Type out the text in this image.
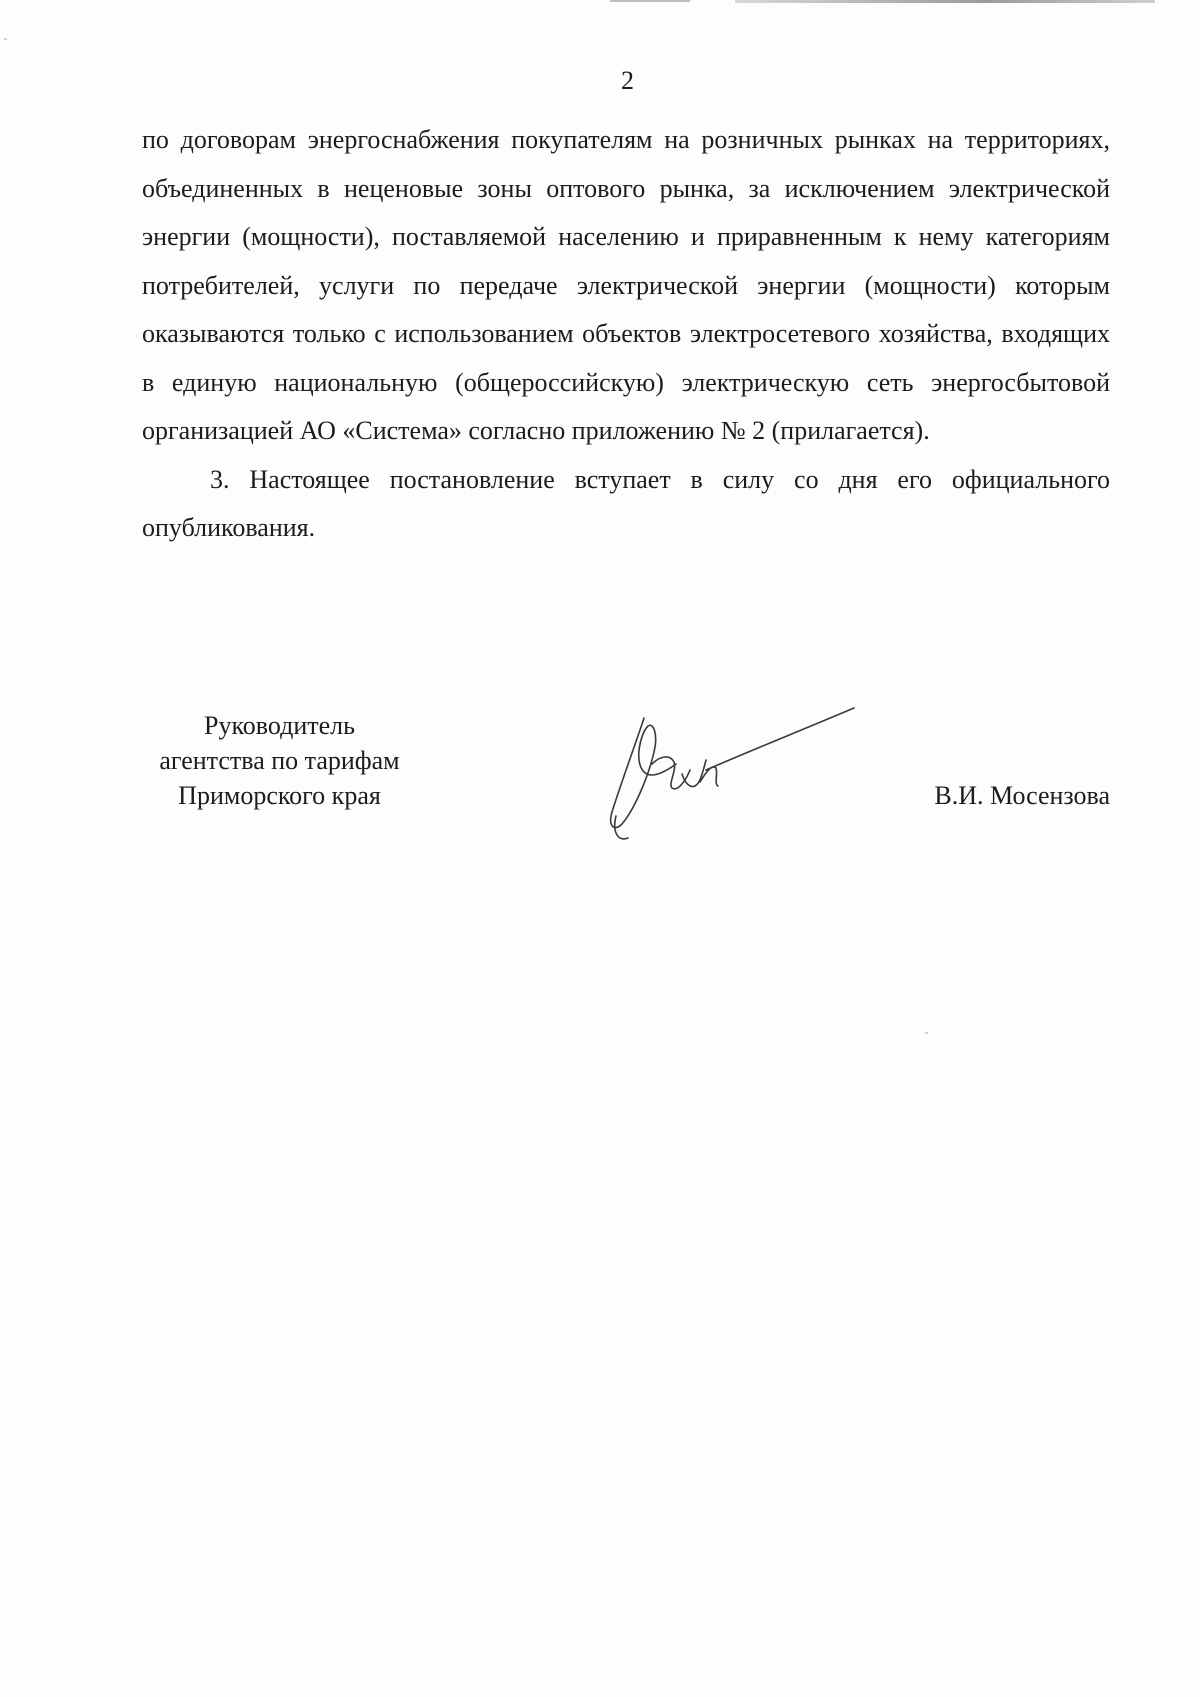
2

по договорам энергоснабжения покупателям на розничных рынках на территориях, объединенных в неценовые зоны оптового рынка, за исключением электрической энергии (мощности), поставляемой населению и приравненным к нему категориям потребителей, услуги по передаче электрической энергии (мощности) которым оказываются только с использованием объектов электросетевого хозяйства, входящих в единую национальную (общероссийскую) электрическую сеть энергосбытовой организацией АО «Система» согласно приложению № 2 (прилагается).

3. Настоящее постановление вступает в силу со дня его официального опубликования.

Руководитель
агентства по тарифам
Приморского края	В.И. Мосензова
